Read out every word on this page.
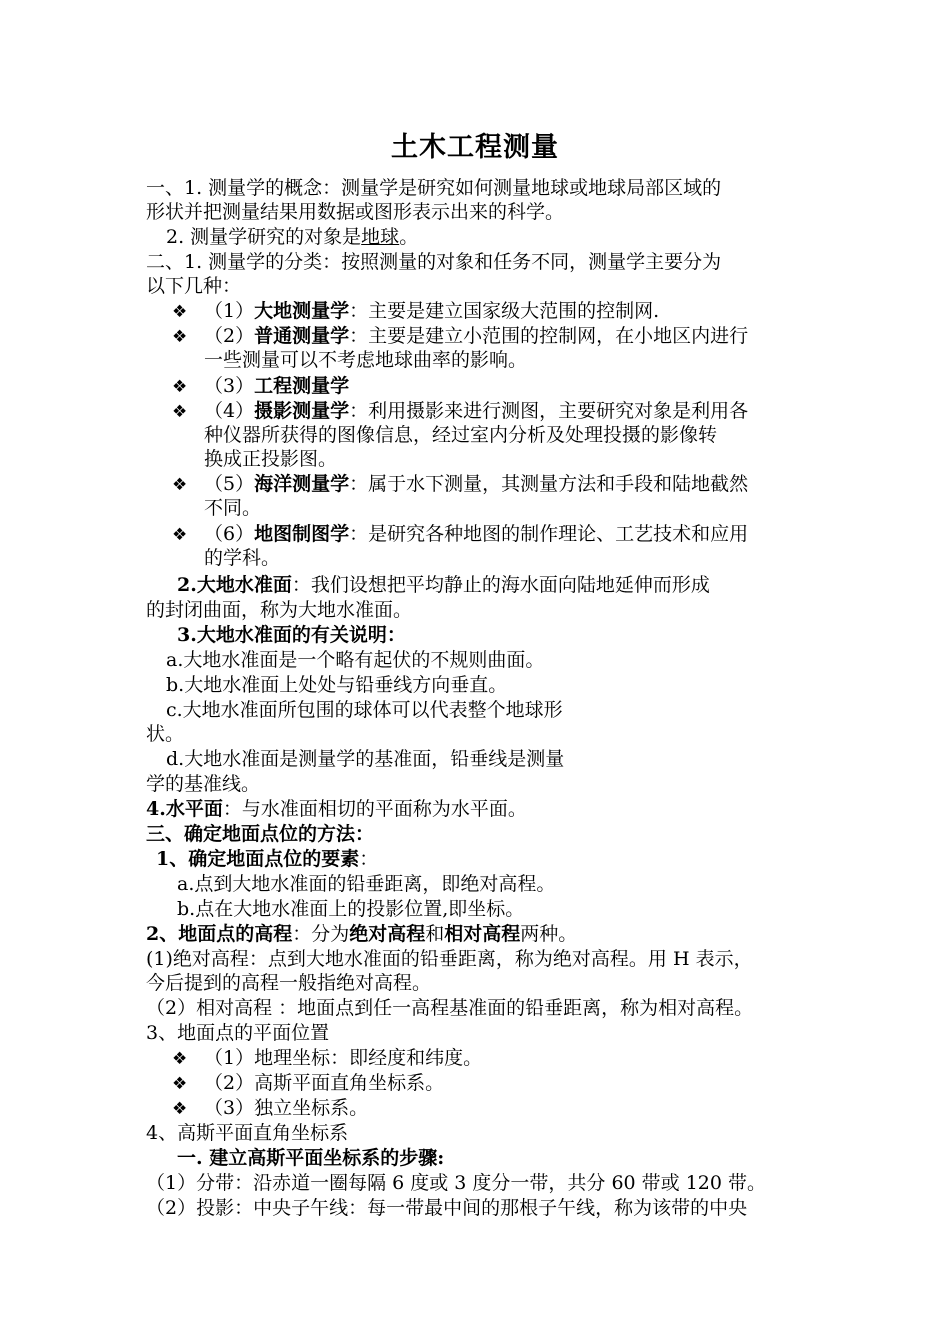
土木工程测量
一、1. 测量学的概念：测量学是研究如何测量地球或地球局部区域的
形状并把测量结果用数据或图形表示出来的科学。
2. 测量学研究的对象是地球。
二、1. 测量学的分类：按照测量的对象和任务不同，测量学主要分为
以下几种：
❖ （1）大地测量学：主要是建立国家级大范围的控制网.
❖ （2）普通测量学：主要是建立小范围的控制网，在小地区内进行
一些测量可以不考虑地球曲率的影响。
❖ （3）工程测量学
❖ （4）摄影测量学：利用摄影来进行测图，主要研究对象是利用各
种仪器所获得的图像信息，经过室内分析及处理投摄的影像转
换成正投影图。
❖ （5）海洋测量学：属于水下测量，其测量方法和手段和陆地截然
不同。
❖ （6）地图制图学：是研究各种地图的制作理论、工艺技术和应用
的学科。
2.大地水准面：我们设想把平均静止的海水面向陆地延伸而形成
的封闭曲面，称为大地水准面。
3.大地水准面的有关说明：
a.大地水准面是一个略有起伏的不规则曲面。
b.大地水准面上处处与铅垂线方向垂直。
c.大地水准面所包围的球体可以代表整个地球形
状。
d.大地水准面是测量学的基准面，铅垂线是测量
学的基准线。
4.水平面：与水准面相切的平面称为水平面。
三、确定地面点位的方法：
1、确定地面点位的要素：
a.点到大地水准面的铅垂距离，即绝对高程。
b.点在大地水准面上的投影位置,即坐标。
2、地面点的高程：分为绝对高程和相对高程两种。
(1)绝对高程：点到大地水准面的铅垂距离，称为绝对高程。用 H 表示，
今后提到的高程一般指绝对高程。
（2）相对高程 ：地面点到任一高程基准面的铅垂距离，称为相对高程。
3、地面点的平面位置
❖ （1）地理坐标：即经度和纬度。
❖ （2）高斯平面直角坐标系。
❖ （3）独立坐标系。
4、高斯平面直角坐标系
一. 建立高斯平面坐标系的步骤:
（1）分带：沿赤道一圈每隔 6 度或 3 度分一带，共分 60 带或 120 带。
（2）投影：中央子午线：每一带最中间的那根子午线，称为该带的中央
